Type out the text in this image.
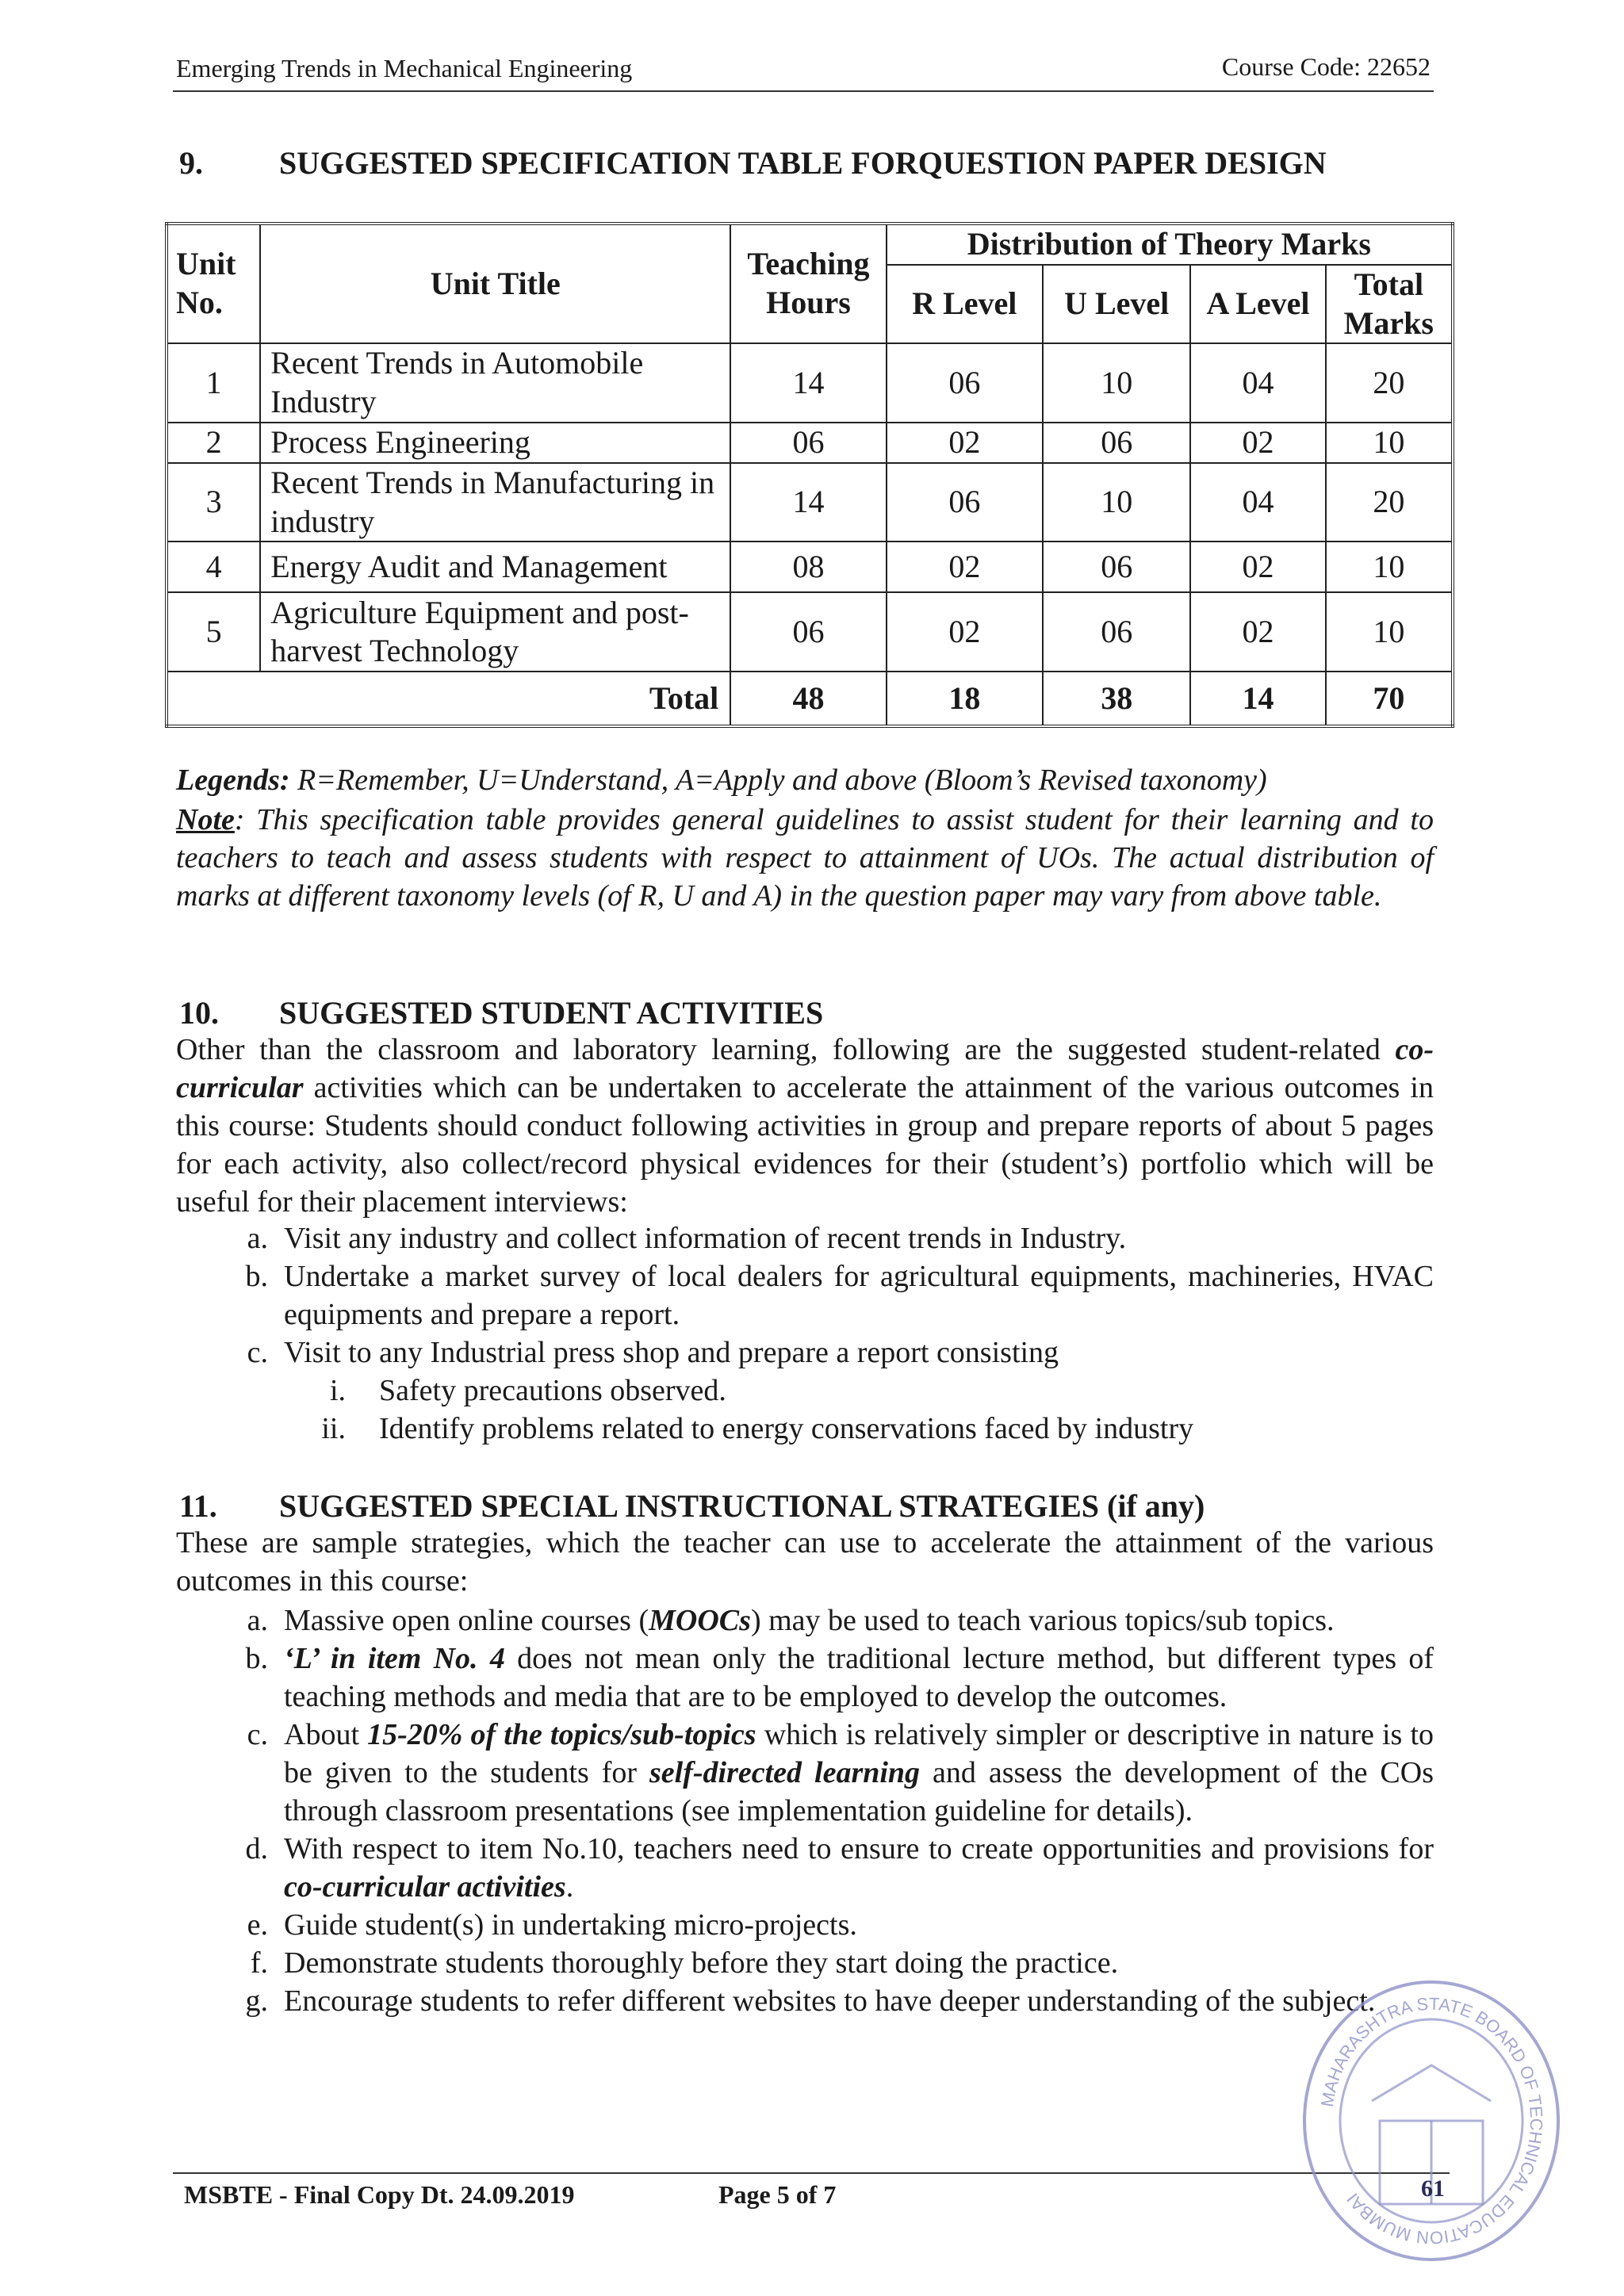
Emerging Trends in Mechanical Engineering	Course Code: 22652
9.	SUGGESTED SPECIFICATION TABLE FORQUESTION PAPER DESIGN
Unit No.	Unit Title	Teaching Hours	Distribution of Theory Marks			
			R Level	U Level	A Level	Total Marks
1	Recent Trends in Automobile Industry	14	06	10	04	20
2	Process Engineering	06	02	06	02	10
3	Recent Trends in Manufacturing in industry	14	06	10	04	20
4	Energy Audit and Management	08	02	06	02	10
5	Agriculture Equipment and post-harvest Technology	06	02	06	02	10
Total		48	18	38	14	70
Legends: R=Remember, U=Understand, A=Apply and above (Bloom’s Revised taxonomy)
Note: This specification table provides general guidelines to assist student for their learning and to teachers to teach and assess students with respect to attainment of UOs. The actual distribution of marks at different taxonomy levels (of R, U and A) in the question paper may vary from above table.
10.	SUGGESTED STUDENT ACTIVITIES
Other than the classroom and laboratory learning, following are the suggested student-related co-curricular activities which can be undertaken to accelerate the attainment of the various outcomes in this course: Students should conduct following activities in group and prepare reports of about 5 pages for each activity, also collect/record physical evidences for their (student’s) portfolio which will be useful for their placement interviews:
a. Visit any industry and collect information of recent trends in Industry.
b. Undertake a market survey of local dealers for agricultural equipments, machineries, HVAC equipments and prepare a report.
c. Visit to any Industrial press shop and prepare a report consisting
i.	Safety precautions observed.
ii.	Identify problems related to energy conservations faced by industry
11.	SUGGESTED SPECIAL INSTRUCTIONAL STRATEGIES (if any)
These are sample strategies, which the teacher can use to accelerate the attainment of the various outcomes in this course:
a. Massive open online courses (MOOCs) may be used to teach various topics/sub topics.
b. ‘L’ in item No. 4 does not mean only the traditional lecture method, but different types of teaching methods and media that are to be employed to develop the outcomes.
c. About 15-20% of the topics/sub-topics which is relatively simpler or descriptive in nature is to be given to the students for self-directed learning and assess the development of the COs through classroom presentations (see implementation guideline for details).
d. With respect to item No.10, teachers need to ensure to create opportunities and provisions for co-curricular activities.
e. Guide student(s) in undertaking micro-projects.
f. Demonstrate students thoroughly before they start doing the practice.
g. Encourage students to refer different websites to have deeper understanding of the subject.
MSBTE - Final Copy Dt. 24.09.2019	Page 5 of 7
MAHARASHTRA STATE BOARD OF TECHNICAL EDUCATION MUMBAI	61
